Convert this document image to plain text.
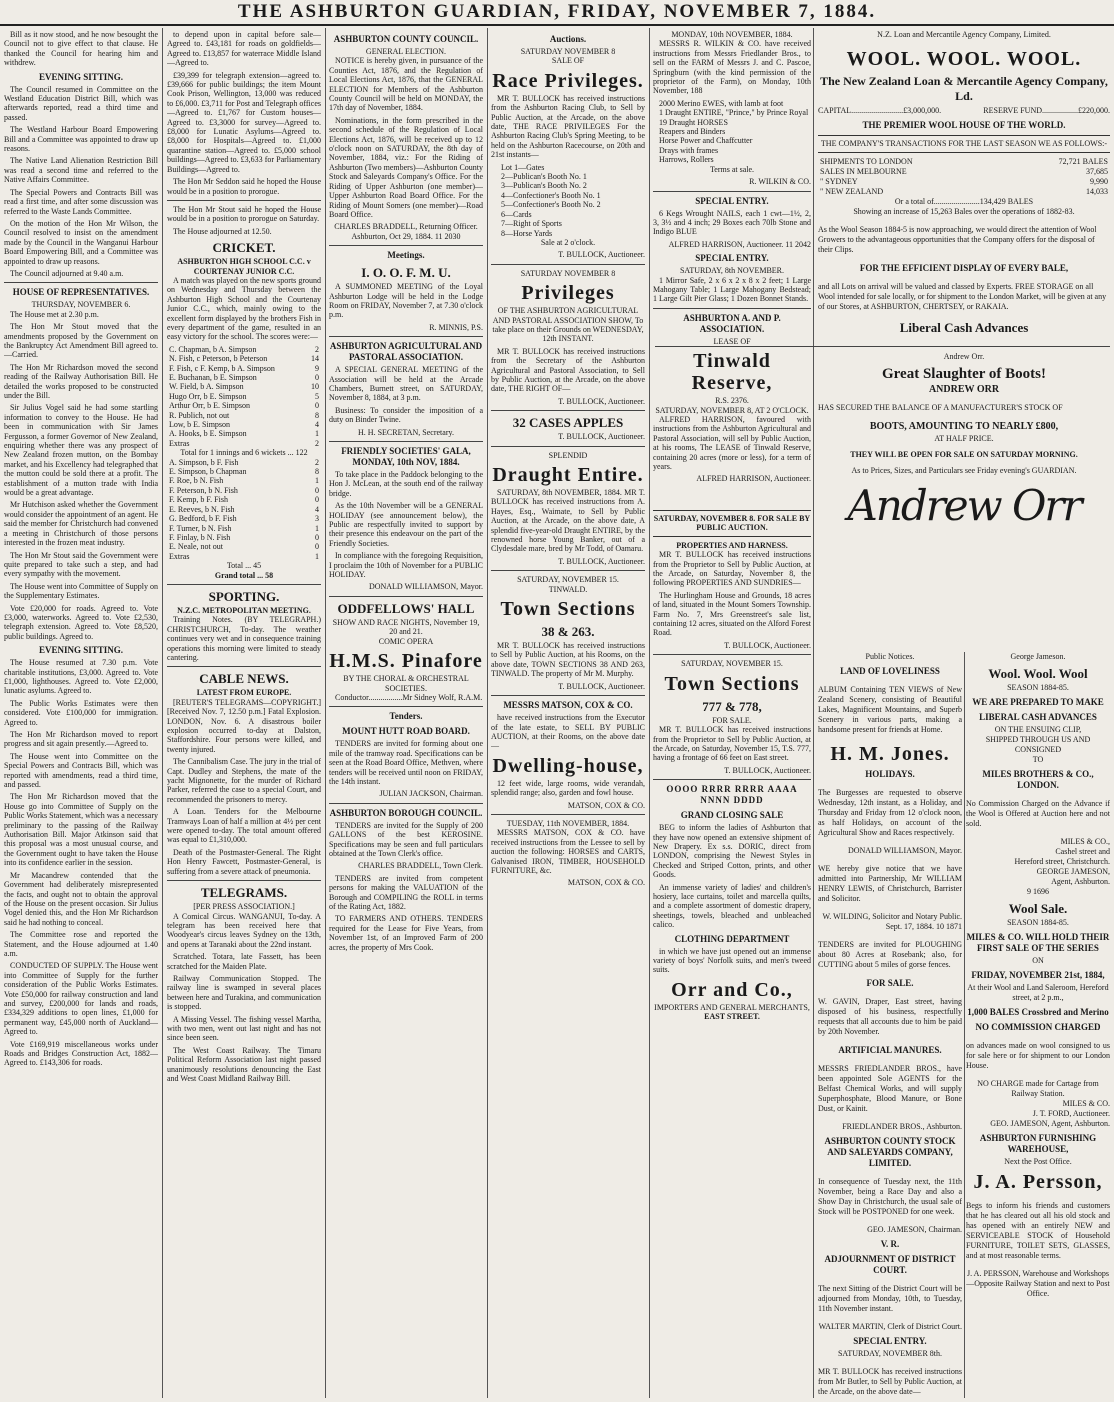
THE ASHBURTON GUARDIAN, FRIDAY, NOVEMBER 7, 1884.

Bill as it now stood, and he now besought the Council not to give effect to that clause. He thanked the Council for hearing him and withdrew.

EVENING SITTING.

The Council resumed in Committee on the Westland Education District Bill, which was afterwards reported, read a third time and passed.

The Westland Harbour Board Empowering Bill and a Committee was appointed to draw up reasons.

The Native Land Alienation Restriction Bill was read a second time and referred to the Native Affairs Committee.

The Special Powers and Contracts Bill was read a first time, and after some discussion was referred to the Waste Lands Committee.

On the motion of the Hon Mr Wilson, the Council resolved to insist on the amendment made by the Council in the Wanganui Harbour Board Empowering Bill, and a Committee was appointed to draw up reasons.

The Council adjourned at 9.40 a.m.

HOUSE OF REPRESENTATIVES.
THURSDAY, NOVEMBER 6.

The House met at 2.30 p.m.

The Hon Mr Stout moved that the amendments proposed by the Government on the Bankruptcy Act Amendment Bill agreed to.—Carried.

The Hon Mr Richardson moved the second reading of the Railway Authorisation Bill. He detailed the works proposed to be constructed under the Bill.

Sir Julius Vogel said he had some startling information to convey to the House. He had been in communication with Sir James Fergusson, a former Governor of New Zealand, enquiring whether there was any prospect of New Zealand frozen mutton, on the Bombay market, and his Excellency had telegraphed that the mutton could be sold there at a profit. The establishment of a mutton trade with India would be a great advantage.

Mr Hutchison asked whether the Government would consider the appointment of an agent. He said the member for Christchurch had convened a meeting in Christchurch of those persons interested in the frozen meat industry.

The Hon Mr Stout said the Government were quite prepared to take such a step, and had every sympathy with the movement.

The House went into Committee of Supply on the Supplementary Estimates.

Vote £20,000 for roads. Agreed to. Vote £3,000, waterworks. Agreed to. Vote £2,530, telegraph extension. Agreed to. Vote £8,520, public buildings. Agreed to.

EVENING SITTING.

The House resumed at 7.30 p.m. Vote charitable institutions, £3,000. Agreed to. Vote £1,000, lighthouses. Agreed to. Vote £2,000, lunatic asylums. Agreed to.

The Public Works Estimates were then considered. Vote £100,000 for immigration. Agreed to.

The Hon Mr Richardson moved to report progress and sit again presently.—Agreed to.

The House went into Committee on the Special Powers and Contracts Bill, which was reported with amendments, read a third time, and passed.

The Hon Mr Richardson moved that the House go into Committee of Supply on the Public Works Statement, which was a necessary preliminary to the passing of the Railway Authorisation Bill. Major Atkinson said that this proposal was a most unusual course, and the Government ought to have taken the House into its confidence earlier in the session.

Mr Macandrew contended that the Government had deliberately misrepresented the facts, and ought not to obtain the approval of the House on the present occasion. Sir Julius Vogel denied this, and the Hon Mr Richardson said he had nothing to conceal.

The Committee rose and reported the Statement, and the House adjourned at 1.40 a.m.

CONDUCTED OF SUPPLY. The House went into Committee of Supply for the further consideration of the Public Works Estimates. Vote £50,000 for railway construction and land and survey, £200,000 for lands and roads, £334,329 additions to open lines, £1,000 for permanent way, £45,000 north of Auckland—Agreed to.

Vote £169,919 miscellaneous works under Roads and Bridges Construction Act, 1882—Agreed to. £143,306 for roads.

to depend upon in capital before sale—Agreed to. £43,181 for roads on goldfields—Agreed to. £13,857 for waterrace Middle Island—Agreed to.

£39,399 for telegraph extension—agreed to. £39,666 for public buildings; the item Mount Cook Prison, Wellington, 13,000 was reduced to £6,000. £3,711 for Post and Telegraph offices—Agreed to. £1,767 for Custom houses—Agreed to. £3,3000 for survey—Agreed to. £8,000 for Lunatic Asylums—Agreed to. £8,000 for Hospitals—Agreed to. £1,000 quarantine station—Agreed to. £5,000 school buildings—Agreed to. £3,633 for Parliamentary Buildings—Agreed to.

The Hon Mr Seddon said he hoped the House would be in a position to prorogue.

The Hon Mr Stout said he hoped the House would be in a position to prorogue on Saturday.

The House adjourned at 12.50.

CRICKET.
ASHBURTON HIGH SCHOOL C.C. v COURTENAY JUNIOR C.C.

A match was played on the new sports ground on Wednesday and Thursday between the Ashburton High School and the Courtenay Junior C.C., which, mainly owing to the excellent form displayed by the brothers Fish in every department of the game, resulted in an easy victory for the school. The scores were:—

C. Chapman, b A. Simpson	2
N. Fish, c Peterson, b Peterson	14
F. Fish, c F. Kemp, b A. Simpson	9
E. Buchanan, b E. Simpson	0
W. Field, b A. Simpson	10
Hugo Orr, b E. Simpson	5
Arthur Orr, b E. Simpson	0
R. Publich, not out	8
Low, b E. Simpson	4
A. Hooks, b E. Simpson	1
Extras	2
Total for 1 innings and 6 wickets ... 122
A. Simpson, b F. Fish	2
E. Simpson, b Chapman	8
F. Roe, b N. Fish	1
F. Peterson, b N. Fish	0
F. Kemp, b F. Fish	0
E. Reeves, b N. Fish	4
G. Bedford, b F. Fish	3
F. Turner, b N. Fish	1
F. Finlay, b N. Fish	0
E. Neale, not out	0
Extras	1
Total ... 45
Grand total ... 58
SPORTING.
N.Z.C. METROPOLITAN MEETING.

Training Notes. (BY TELEGRAPH.) CHRISTCHURCH, To-day. The weather continues very wet and in consequence training operations this morning were limited to steady cantering.

CABLE NEWS.
LATEST FROM EUROPE.

[REUTER'S TELEGRAMS—COPYRIGHT.] [Received Nov. 7, 12.50 p.m.] Fatal Explosion. LONDON, Nov. 6. A disastrous boiler explosion occurred to-day at Dalston, Staffordshire. Four persons were killed, and twenty injured.

The Cannibalism Case. The jury in the trial of Capt. Dudley and Stephens, the mate of the yacht Mignonette, for the murder of Richard Parker, referred the case to a special Court, and recommended the prisoners to mercy.

A Loan. Tenders for the Melbourne Tramways Loan of half a million at 4½ per cent were opened to-day. The total amount offered was equal to £1,310,000.

Death of the Postmaster-General. The Right Hon Henry Fawcett, Postmaster-General, is suffering from a severe attack of pneumonia.

TELEGRAMS.
[PER PRESS ASSOCIATION.]

A Comical Circus. WANGANUI, To-day. A telegram has been received here that Woodyear's circus leaves Sydney on the 13th, and opens at Taranaki about the 22nd instant.

Scratched. Totara, late Fassett, has been scratched for the Maiden Plate.

Railway Communication Stopped. The railway line is swamped in several places between here and Turakina, and communication is stopped.

A Missing Vessel. The fishing vessel Martha, with two men, went out last night and has not since been seen.

The West Coast Railway. The Timaru Political Reform Association last night passed unanimously resolutions denouncing the East and West Coast Midland Railway Bill.

ASHBURTON COUNTY COUNCIL.
GENERAL ELECTION.

NOTICE is hereby given, in pursuance of the Counties Act, 1876, and the Regulation of Local Elections Act, 1876, that the GENERAL ELECTION for Members of the Ashburton County Council will be held on MONDAY, the 17th day of November, 1884.

Nominations, in the form prescribed in the second schedule of the Regulation of Local Elections Act, 1876, will be received up to 12 o'clock noon on SATURDAY, the 8th day of November, 1884, viz.: For the Riding of Ashburton (Two members)—Ashburton County Stock and Saleyards Company's Office. For the Riding of Upper Ashburton (one member)—Upper Ashburton Road Board Office. For the Riding of Mount Somers (one member)—Road Board Office.

CHARLES BRADDELL, Returning Officer. Ashburton, Oct 29, 1884. 11 2030

Meetings.
I. O. O. F. M. U.

A SUMMONED MEETING of the Loyal Ashburton Lodge will be held in the Lodge Room on FRIDAY, November 7, at 7.30 o'clock p.m.

R. MINNIS, P.S.

ASHBURTON AGRICULTURAL AND PASTORAL ASSOCIATION.

A SPECIAL GENERAL MEETING of the Association will be held at the Arcade Chambers, Burnett street, on SATURDAY, November 8, 1884, at 3 p.m.

Business: To consider the imposition of a duty on Binder Twine.

H. H. SECRETAN, Secretary.

FRIENDLY SOCIETIES' GALA, MONDAY, 10th NOV, 1884.

To take place in the Paddock belonging to the Hon J. McLean, at the south end of the railway bridge.

As the 10th November will be a GENERAL HOLIDAY (see announcement below), the Public are respectfully invited to support by their presence this endeavour on the part of the Friendly Societies.

In compliance with the foregoing Requisition, I proclaim the 10th of November for a PUBLIC HOLIDAY.

DONALD WILLIAMSON, Mayor.

ODDFELLOWS' HALL
SHOW AND RACE NIGHTS, November 19, 20 and 21.
COMIC OPERA
H.M.S. Pinafore
BY THE CHORAL & ORCHESTRAL SOCIETIES.

Conductor.................Mr Sidney Wolf, R.A.M.

Tenders.
MOUNT HUTT ROAD BOARD.

TENDERS are invited for forming about one mile of the tramway road. Specifications can be seen at the Road Board Office, Methven, where tenders will be received until noon on FRIDAY, the 14th instant.

JULIAN JACKSON, Chairman.

ASHBURTON BOROUGH COUNCIL.

TENDERS are invited for the Supply of 200 GALLONS of the best KEROSINE. Specifications may be seen and full particulars obtained at the Town Clerk's office.

CHARLES BRADDELL, Town Clerk.

TENDERS are invited from competent persons for making the VALUATION of the Borough and COMPILING the ROLL in terms of the Rating Act, 1882.

TO FARMERS AND OTHERS. TENDERS required for the Lease for Five Years, from November 1st, of an Improved Farm of 200 acres, the property of Mrs Cook.

Auctions.
SATURDAY NOVEMBER 8
SALE OF
Race Privileges.

MR T. BULLOCK has received instructions from the Ashburton Racing Club, to Sell by Public Auction, at the Arcade, on the above date, THE RACE PRIVILEGES For the Ashburton Racing Club's Spring Meeting, to be held on the Ashburton Racecourse, on 20th and 21st instants—

Lot 1—Gates
2—Publican's Booth No. 1
3—Publican's Booth No. 2
4—Confectioner's Booth No. 1
5—Confectioner's Booth No. 2
6—Cards
7—Right of Sports
8—Horse Yards

Sale at 2 o'clock.

T. BULLOCK, Auctioneer.

SATURDAY NOVEMBER 8
Privileges

OF THE ASHBURTON AGRICULTURAL AND PASTORAL ASSOCIATION SHOW, To take place on their Grounds on WEDNESDAY, 12th INSTANT.

MR T. BULLOCK has received instructions from the Secretary of the Ashburton Agricultural and Pastoral Association, to Sell by Public Auction, at the Arcade, on the above date, THE RIGHT OF—

T. BULLOCK, Auctioneer.

32 CASES APPLES

T. BULLOCK, Auctioneer.

SPLENDID
Draught Entire.

SATURDAY, 8th NOVEMBER, 1884. MR T. BULLOCK has received instructions from A. Hayes, Esq., Waimate, to Sell by Public Auction, at the Arcade, on the above date, A splendid five-year-old Draught ENTIRE, by the renowned horse Young Banker, out of a Clydesdale mare, bred by Mr Todd, of Oamaru.

T. BULLOCK, Auctioneer.

SATURDAY, NOVEMBER 15.
TINWALD.
Town Sections
38 & 263.

MR T. BULLOCK has received instructions to Sell by Public Auction, at his Rooms, on the above date, TOWN SECTIONS 38 AND 263, TINWALD. The property of Mr M. Murphy.

T. BULLOCK, Auctioneer.

MESSRS MATSON, COX & CO.

have received instructions from the Executor of the late estate, to SELL BY PUBLIC AUCTION, at their Rooms, on the above date—

Dwelling-house,

12 feet wide, large rooms, wide verandah, splendid range; also, garden and fowl house.

MATSON, COX & CO.

TUESDAY, 11th NOVEMBER, 1884.

MESSRS MATSON, COX & CO. have received instructions from the Lessee to sell by auction the following: HORSES and CARTS, Galvanised IRON, TIMBER, HOUSEHOLD FURNITURE, &c.

MATSON, COX & CO.

MONDAY, 10th NOVEMBER, 1884.

MESSRS R. WILKIN & CO. have received instructions from Messrs Friedlander Bros., to sell on the FARM of Messrs J. and C. Pascoe, Springburn (with the kind permission of the proprietor of the Farm), on Monday, 10th November, 188

2000 Merino EWES, with lamb at foot
1 Draught ENTIRE, "Prince," by Prince Royal
19 Draught HORSES
Reapers and Binders
Horse Power and Chaffcutter
Drays with frames
Harrows, Rollers

Terms at sale.

R. WILKIN & CO.

SPECIAL ENTRY.

6 Kegs Wrought NAILS, each 1 cwt—1½, 2, 3, 3½ and 4 inch; 29 Boxes each 70lb Stone and Indigo BLUE

ALFRED HARRISON, Auctioneer. 11 2042

SPECIAL ENTRY.
SATURDAY, 8th NOVEMBER.

1 Mirror Safe, 2 x 6 x 2 x 8 x 2 feet; 1 Large Mahogany Table; 1 Large Mahogany Bedstead; 1 Large Gilt Pier Glass; 1 Dozen Bonnet Stands.

ASHBURTON A. AND P. ASSOCIATION.
LEASE OF
Tinwald Reserve,
R.S. 2376.
SATURDAY, NOVEMBER 8, AT 2 O'CLOCK.

ALFRED HARRISON, favoured with instructions from the Ashburton Agricultural and Pastoral Association, will sell by Public Auction, at his rooms, The LEASE of Tinwald Reserve, containing 20 acres (more or less), for a term of years.

ALFRED HARRISON, Auctioneer.

SATURDAY, NOVEMBER 8. FOR SALE BY PUBLIC AUCTION.
PROPERTIES AND HARNESS.

MR T. BULLOCK has received instructions from the Proprietor to Sell by Public Auction, at the Arcade, on Saturday, November 8, the following PROPERTIES AND SUNDRIES—

The Hurlingham House and Grounds, 18 acres of land, situated in the Mount Somers Township. Farm No. 7, Mrs Greenstreet's sale list, containing 12 acres, situated on the Alford Forest Road.

T. BULLOCK, Auctioneer.

SATURDAY, NOVEMBER 15.
Town Sections
777 & 778,
FOR SALE.

MR T. BULLOCK has received instructions from the Proprietor to Sell by Public Auction, at the Arcade, on Saturday, November 15, T.S. 777, having a frontage of 66 feet on East street.

T. BULLOCK, Auctioneer.

OOOO RRRR RRRR AAAA NNNN DDDD
GRAND CLOSING SALE

BEG to inform the ladies of Ashburton that they have now opened an extensive shipment of New Drapery. Ex s.s. DORIC, direct from LONDON, comprising the Newest Styles in Checked and Striped Cotton, prints, and other Goods.

An immense variety of ladies' and children's hosiery, lace curtains, toilet and marcella quilts, and a complete assortment of domestic drapery, sheetings, towels, bleached and unbleached calico.

CLOTHING DEPARTMENT

in which we have just opened out an immense variety of boys' Norfolk suits, and men's tweed suits.

Orr and Co.,
IMPORTERS AND GENERAL MERCHANTS,
EAST STREET.
N.Z. Loan and Mercantile Agency Company, Limited.
WOOL. WOOL. WOOL.
The New Zealand Loan & Mercantile Agency Company, Ld.
CAPITAL..........................£3,000,000.	RESERVE FUND..................£220,000.
THE PREMIER WOOL HOUSE OF THE WORLD.
THE COMPANY'S TRANSACTIONS FOR THE LAST SEASON WE AS FOLLOWS:-
SHIPMENTS TO LONDON	72,721 BALES
SALES IN MELBOURNE	37,685
" SYDNEY	9,990
" NEW ZEALAND	14,033
Or a total of.......................134,429 BALES
Showing an increase of 15,263 Bales over the operations of 1882-83.

As the Wool Season 1884-5 is now approaching, we would direct the attention of Wool Growers to the advantageous opportunities that the Company offers for the disposal of their Clips.

FOR THE EFFICIENT DISPLAY OF EVERY BALE,

and all Lots on arrival will be valued and classed by Experts. FREE STORAGE on all Wool intended for sale locally, or for shipment to the London Market, will be given at any of our Stores, at ASHBURTON, CHERTSEY, or RAKAIA.

Liberal Cash Advances

Andrew Orr.
Great Slaughter of Boots!
ANDREW ORR

HAS SECURED THE BALANCE OF A MANUFACTURER'S STOCK OF

BOOTS, AMOUNTING TO NEARLY £800,
AT HALF PRICE.
THEY WILL BE OPEN FOR SALE ON SATURDAY MORNING.
As to Prices, Sizes, and Particulars see Friday evening's GUARDIAN.
Andrew Orr
Public Notices.
LAND OF LOVELINESS

ALBUM Containing TEN VIEWS of New Zealand Scenery, consisting of Beautiful Lakes, Magnificent Mountains, and Superb Scenery in various parts, making a handsome present for friends at Home.

H. M. Jones.
HOLIDAYS.

The Burgesses are requested to observe Wednesday, 12th instant, as a Holiday, and Thursday and Friday from 12 o'clock noon, as half Holidays, on account of the Agricultural Show and Races respectively.

DONALD WILLIAMSON, Mayor.

WE hereby give notice that we have admitted into Partnership, Mr WILLIAM HENRY LEWIS, of Christchurch, Barrister and Solicitor.

W. WILDING, Solicitor and Notary Public.
Sept. 17, 1884. 10 1871

TENDERS are invited for PLOUGHING about 80 Acres at Rosebank; also, for CUTTING about 5 miles of gorse fences.

FOR SALE.

W. GAVIN, Draper, East street, having disposed of his business, respectfully requests that all accounts due to him be paid by 20th November.

ARTIFICIAL MANURES.

MESSRS FRIEDLANDER BROS., have been appointed Sole AGENTS for the Belfast Chemical Works, and will supply Superphosphate, Blood Manure, or Bone Dust, or Kainit.

FRIEDLANDER BROS., Ashburton.
ASHBURTON COUNTY STOCK AND SALEYARDS COMPANY, LIMITED.

In consequence of Tuesday next, the 11th November, being a Race Day and also a Show Day in Christchurch, the usual sale of Stock will be POSTPONED for one week.

GEO. JAMESON, Chairman.
V. R.
ADJOURNMENT OF DISTRICT COURT.

The next Sitting of the District Court will be adjourned from Monday, 10th, to Tuesday, 11th November instant.

WALTER MARTIN, Clerk of District Court.
SPECIAL ENTRY.
SATURDAY, NOVEMBER 8th.

MR T. BULLOCK has received instructions from Mr Butler, to Sell by Public Auction, at the Arcade, on the above date—

George Jameson.
Wool. Wool. Wool
SEASON 1884-85.
WE ARE PREPARED TO MAKE
LIBERAL CASH ADVANCES
ON THE ENSUING CLIP,
SHIPPED THROUGH US AND CONSIGNED
TO
MILES BROTHERS & CO., LONDON.

No Commission Charged on the Advance if the Wool is Offered at Auction here and not sold.

MILES & CO.,
Cashel street and
Hereford street, Christchurch.
GEORGE JAMESON,
Agent, Ashburton.
9 1696
Wool Sale.
SEASON 1884-85.
MILES & CO. WILL HOLD THEIR FIRST SALE OF THE SERIES
ON
FRIDAY, NOVEMBER 21st, 1884,
At their Wool and Land Saleroom, Hereford street, at 2 p.m.,
1,000 BALES Crossbred and Merino
NO COMMISSION CHARGED

on advances made on wool consigned to us for sale here or for shipment to our London House.

NO CHARGE made for Cartage from Railway Station.
MILES & CO.
J. T. FORD, Auctioneer.
GEO. JAMESON, Agent, Ashburton.
ASHBURTON FURNISHING WAREHOUSE,
Next the Post Office.
J. A. Persson,

Begs to inform his friends and customers that he has cleared out all his old stock and has opened with an entirely NEW and SERVICEABLE STOCK of Household FURNITURE, TOILET SETS, GLASSES, and at most reasonable terms.

J. A. PERSSON, Warehouse and Workshops—Opposite Railway Station and next to Post Office.
